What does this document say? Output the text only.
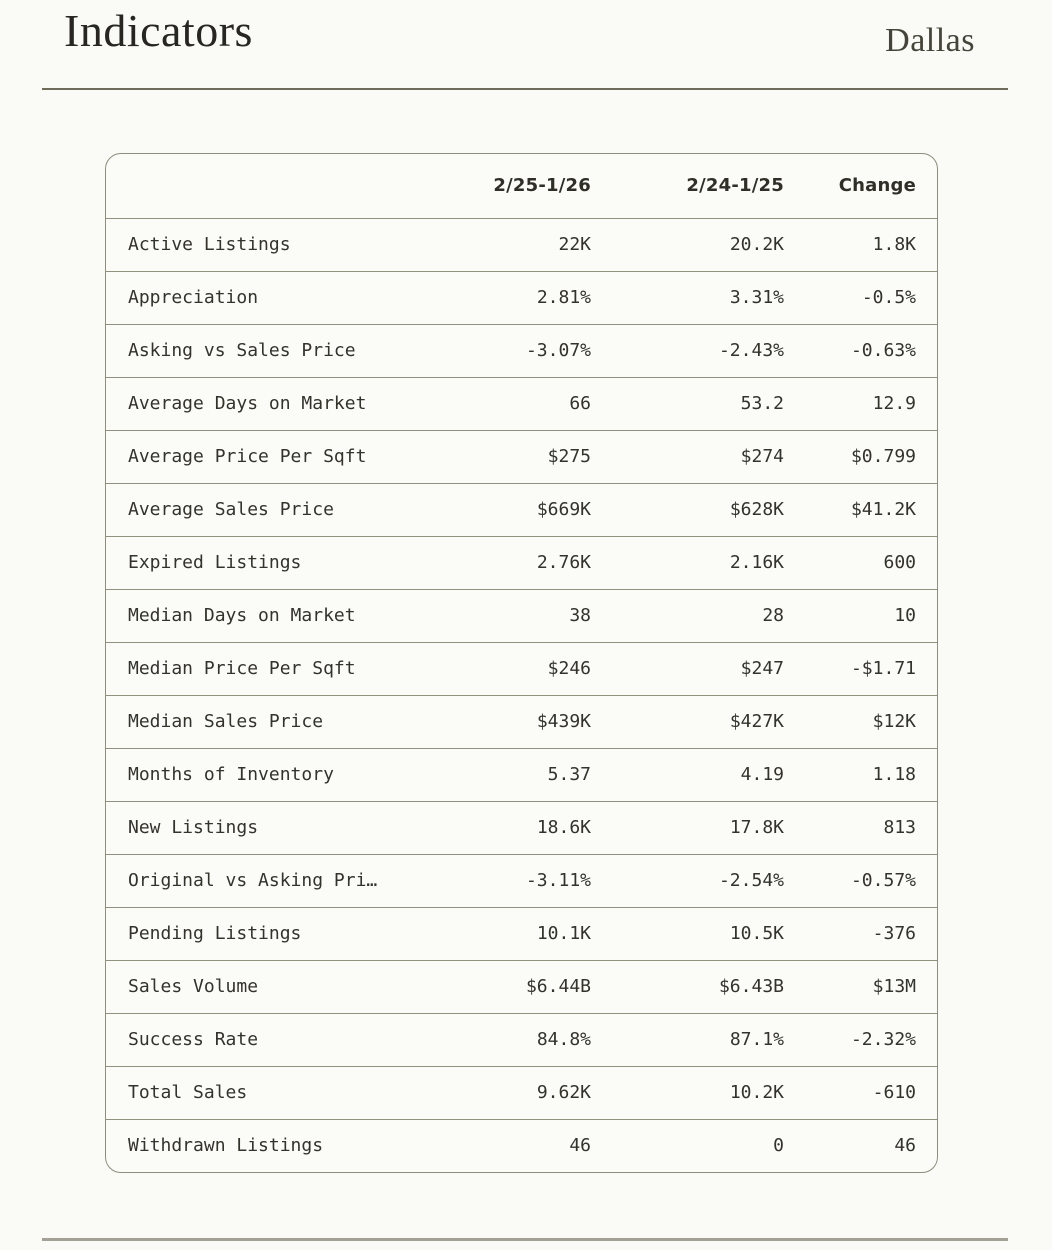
Indicators	Dallas
	2/25-1/26	2/24-1/25	Change
Active Listings	22K	20.2K	1.8K
Appreciation	2.81%	3.31%	-0.5%
Asking vs Sales Price	-3.07%	-2.43%	-0.63%
Average Days on Market	66	53.2	12.9
Average Price Per Sqft	$275	$274	$0.799
Average Sales Price	$669K	$628K	$41.2K
Expired Listings	2.76K	2.16K	600
Median Days on Market	38	28	10
Median Price Per Sqft	$246	$247	-$1.71
Median Sales Price	$439K	$427K	$12K
Months of Inventory	5.37	4.19	1.18
New Listings	18.6K	17.8K	813
Original vs Asking Pri…	-3.11%	-2.54%	-0.57%
Pending Listings	10.1K	10.5K	-376
Sales Volume	$6.44B	$6.43B	$13M
Success Rate	84.8%	87.1%	-2.32%
Total Sales	9.62K	10.2K	-610
Withdrawn Listings	46	0	46
